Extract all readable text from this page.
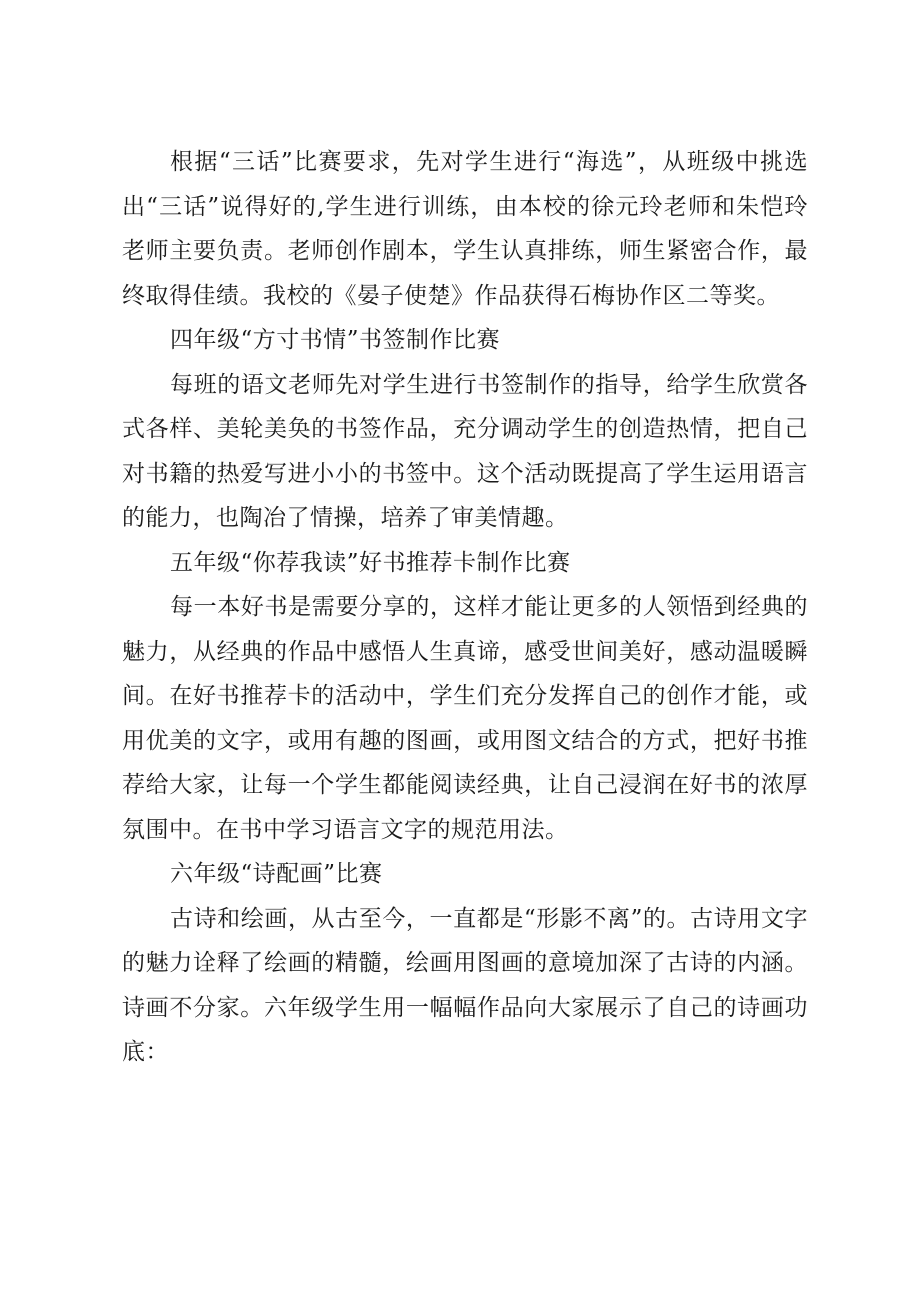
根据“三话”比赛要求，先对学生进行“海选”，从班级中挑选出“三话”说得好的,学生进行训练，由本校的徐元玲老师和朱恺玲老师主要负责。老师创作剧本，学生认真排练，师生紧密合作，最终取得佳绩。我校的《晏子使楚》作品获得石梅协作区二等奖。

四年级“方寸书情”书签制作比赛

每班的语文老师先对学生进行书签制作的指导，给学生欣赏各式各样、美轮美奂的书签作品，充分调动学生的创造热情，把自己对书籍的热爱写进小小的书签中。这个活动既提高了学生运用语言的能力，也陶冶了情操，培养了审美情趣。

五年级“你荐我读”好书推荐卡制作比赛

每一本好书是需要分享的，这样才能让更多的人领悟到经典的魅力，从经典的作品中感悟人生真谛，感受世间美好，感动温暖瞬间。在好书推荐卡的活动中，学生们充分发挥自己的创作才能，或用优美的文字，或用有趣的图画，或用图文结合的方式，把好书推荐给大家，让每一个学生都能阅读经典，让自己浸润在好书的浓厚氛围中。在书中学习语言文字的规范用法。

六年级“诗配画”比赛

古诗和绘画，从古至今，一直都是“形影不离”的。古诗用文字的魅力诠释了绘画的精髓，绘画用图画的意境加深了古诗的内涵。诗画不分家。六年级学生用一幅幅作品向大家展示了自己的诗画功底：
